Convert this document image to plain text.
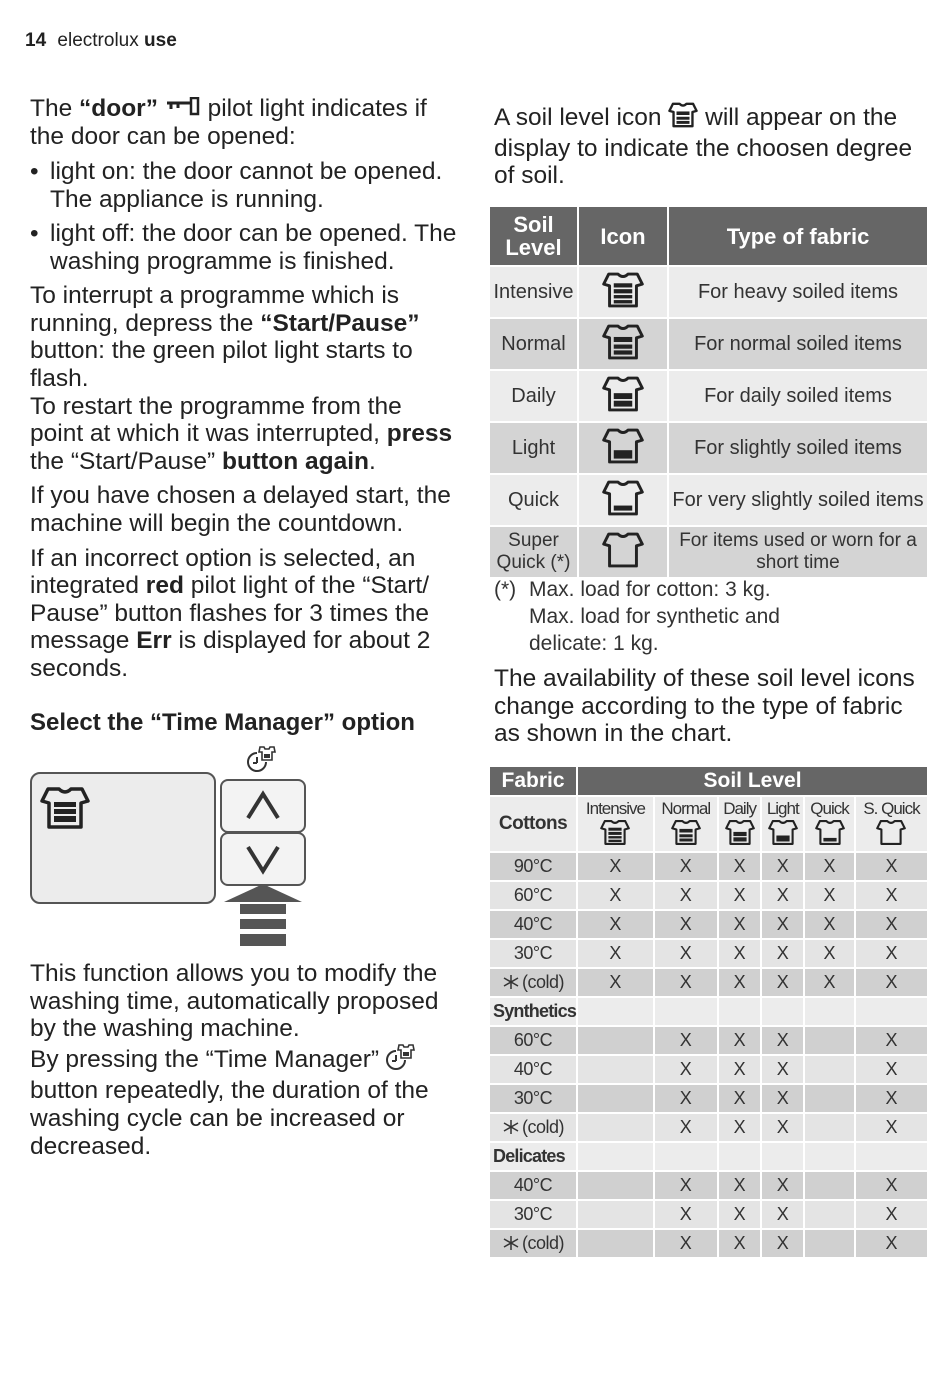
14 electrolux use

The “door”  pilot light indicates if the door can be opened:

• light on: the door cannot be opened. The appliance is running.
• light off: the door can be opened. The washing programme is finished.

To interrupt a programme which is running, depress the “Start/Pause” button: the green pilot light starts to flash.

To restart the programme from the point at which it was interrupted, press the “Start/Pause” button again.

If you have chosen a delayed start, the machine will begin the countdown.

If an incorrect option is selected, an integrated red pilot light of the “Start/ Pause” button flashes for 3 times the message Err is displayed for about 2 seconds.

Select the “Time Manager” option

This function allows you to modify the washing time, automatically proposed by the washing machine.
By pressing the “Time Manager”  button repeatedly, the duration of the washing cycle can be increased or decreased.

A soil level icon  will appear on the display to indicate the choosen degree of soil.

Soil Level	Icon	Type of fabric
Intensive		For heavy soiled items
Normal		For normal soiled items
Daily		For daily soiled items
Light		For slightly soiled items
Quick		For very slightly soiled items
Super Quick (*)		For items used or worn for a short time
(*) Max. load for cotton: 3 kg.
Max. load for synthetic and
delicate: 1 kg.
The availability of these soil level icons change according to the type of fabric as shown in the chart.
Fabric	Soil Level					
Cottons	Intensive	Normal	Daily	Light	Quick	S. Quick

90°C	X	X	X	X	X	X
60°C	X	X	X	X	X	X
40°C	X	X	X	X	X	X
30°C	X	X	X	X	X	X
(cold)	X	X	X	X	X	X
Synthetics						
60°C		X	X	X		X
40°C		X	X	X		X
30°C		X	X	X		X
(cold)		X	X	X		X
Delicates						
40°C		X	X	X		X
30°C		X	X	X		X
(cold)		X	X	X		X
